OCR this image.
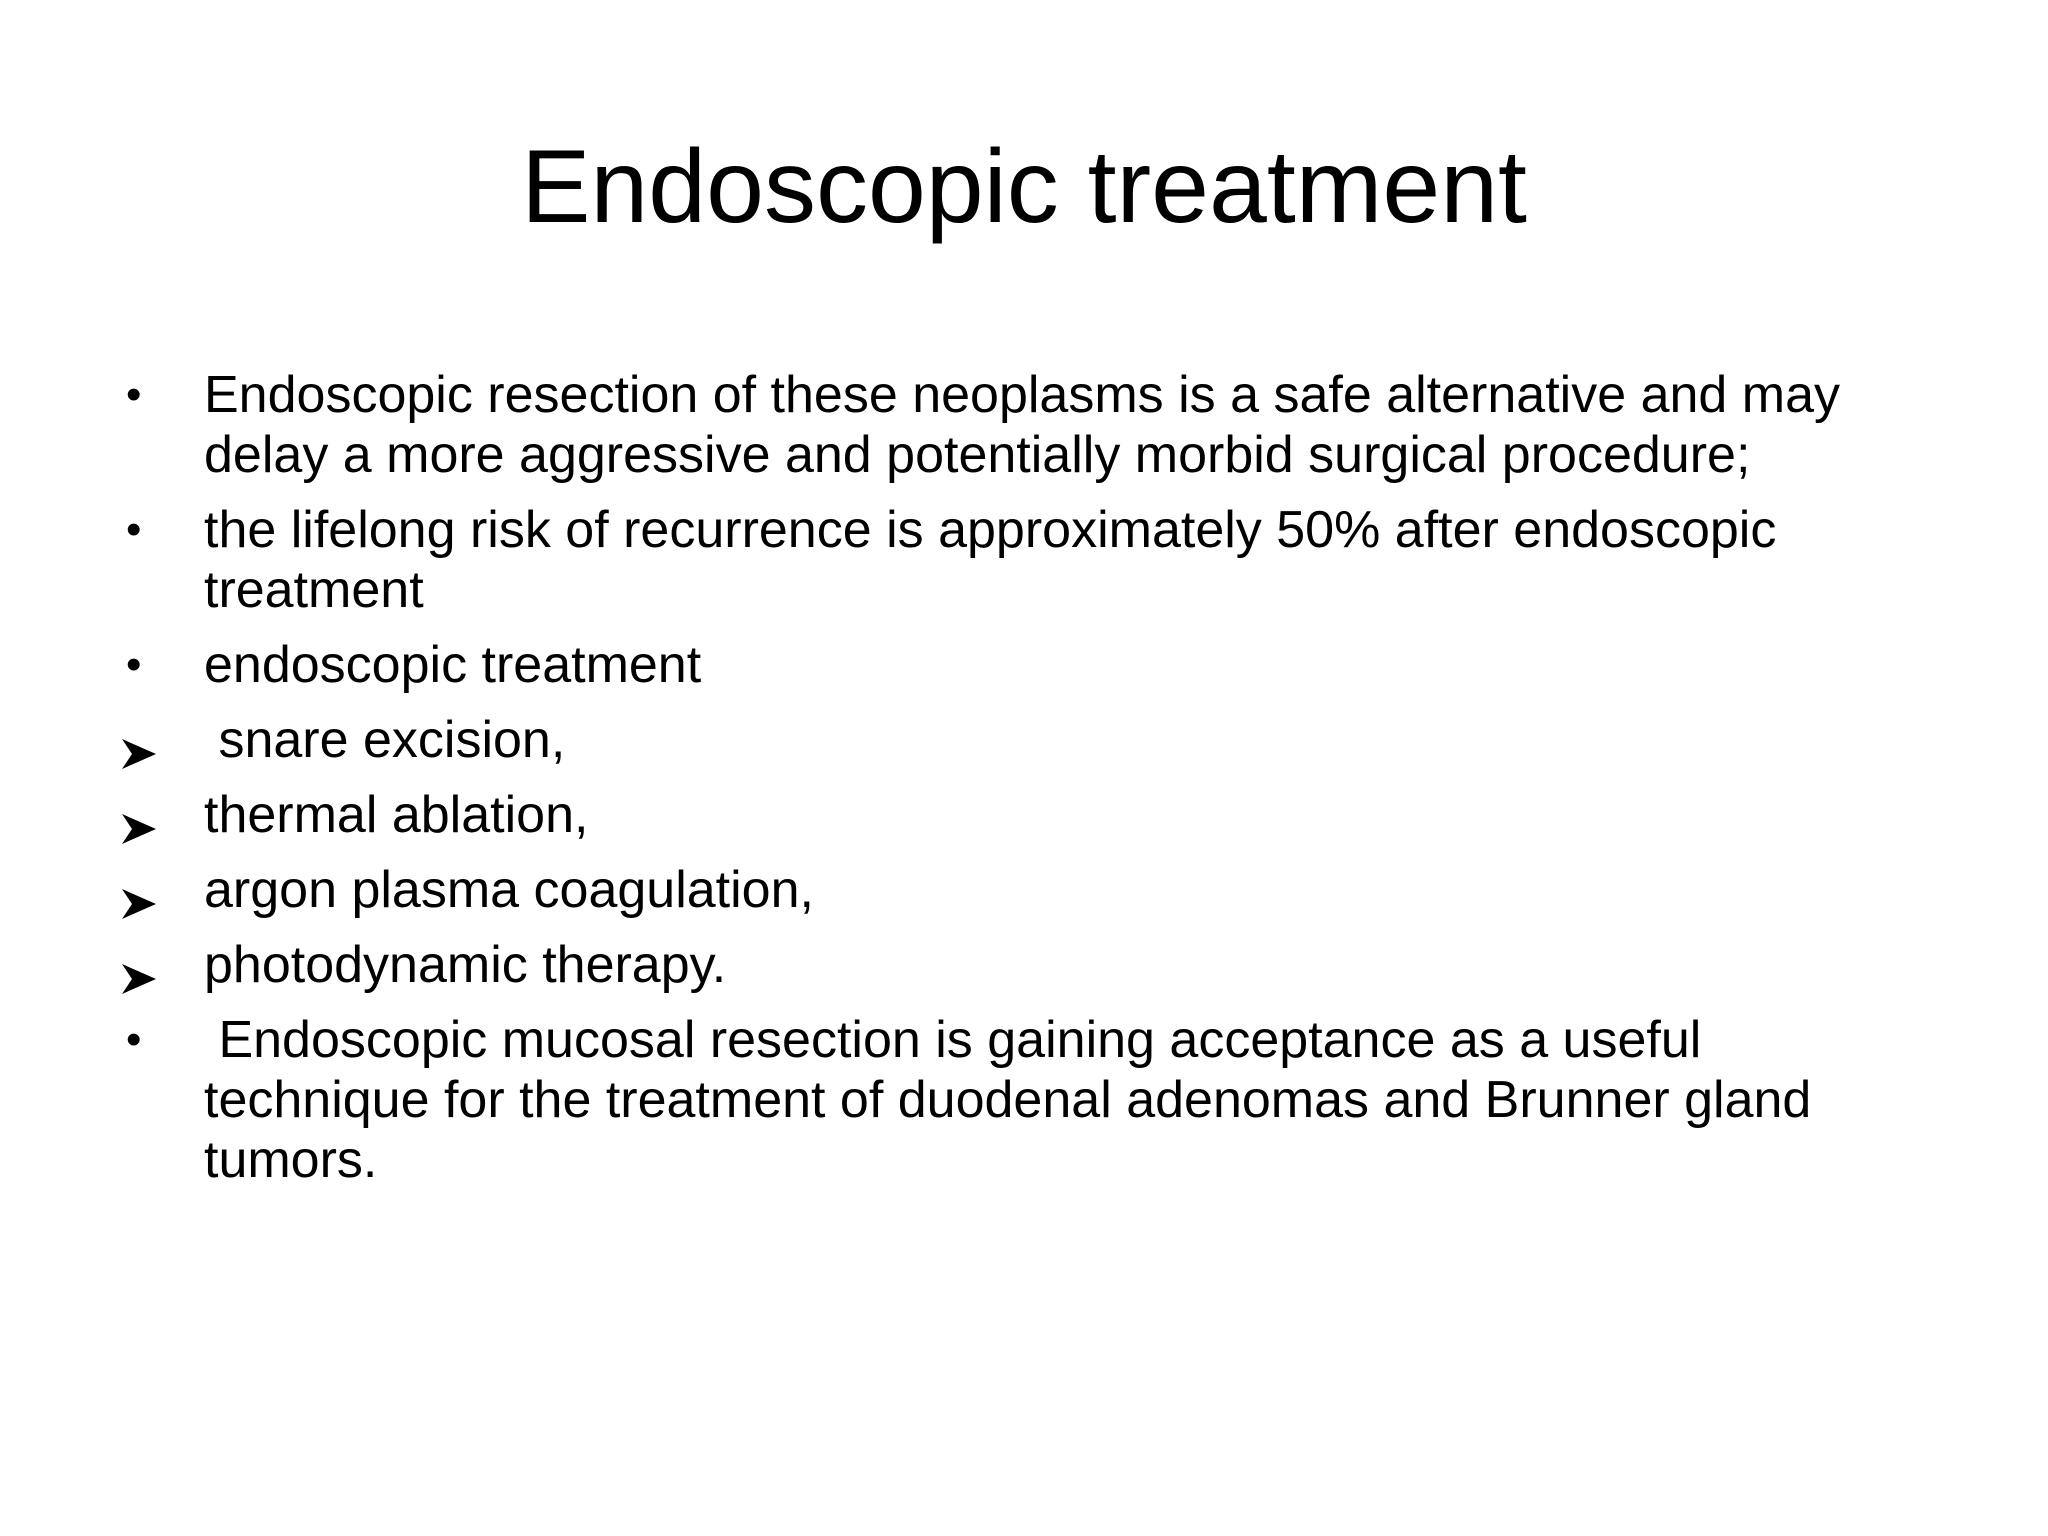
Endoscopic treatment
•	Endoscopic resection of these neoplasms is a safe alternative and may delay a more aggressive and potentially morbid surgical procedure;
•	the lifelong risk of recurrence is approximately 50% after endoscopic treatment
•	endoscopic treatment
snare excision,
thermal ablation,
argon plasma coagulation,
photodynamic therapy.
•	Endoscopic mucosal resection is gaining acceptance as a useful technique for the treatment of duodenal adenomas and Brunner gland tumors.
